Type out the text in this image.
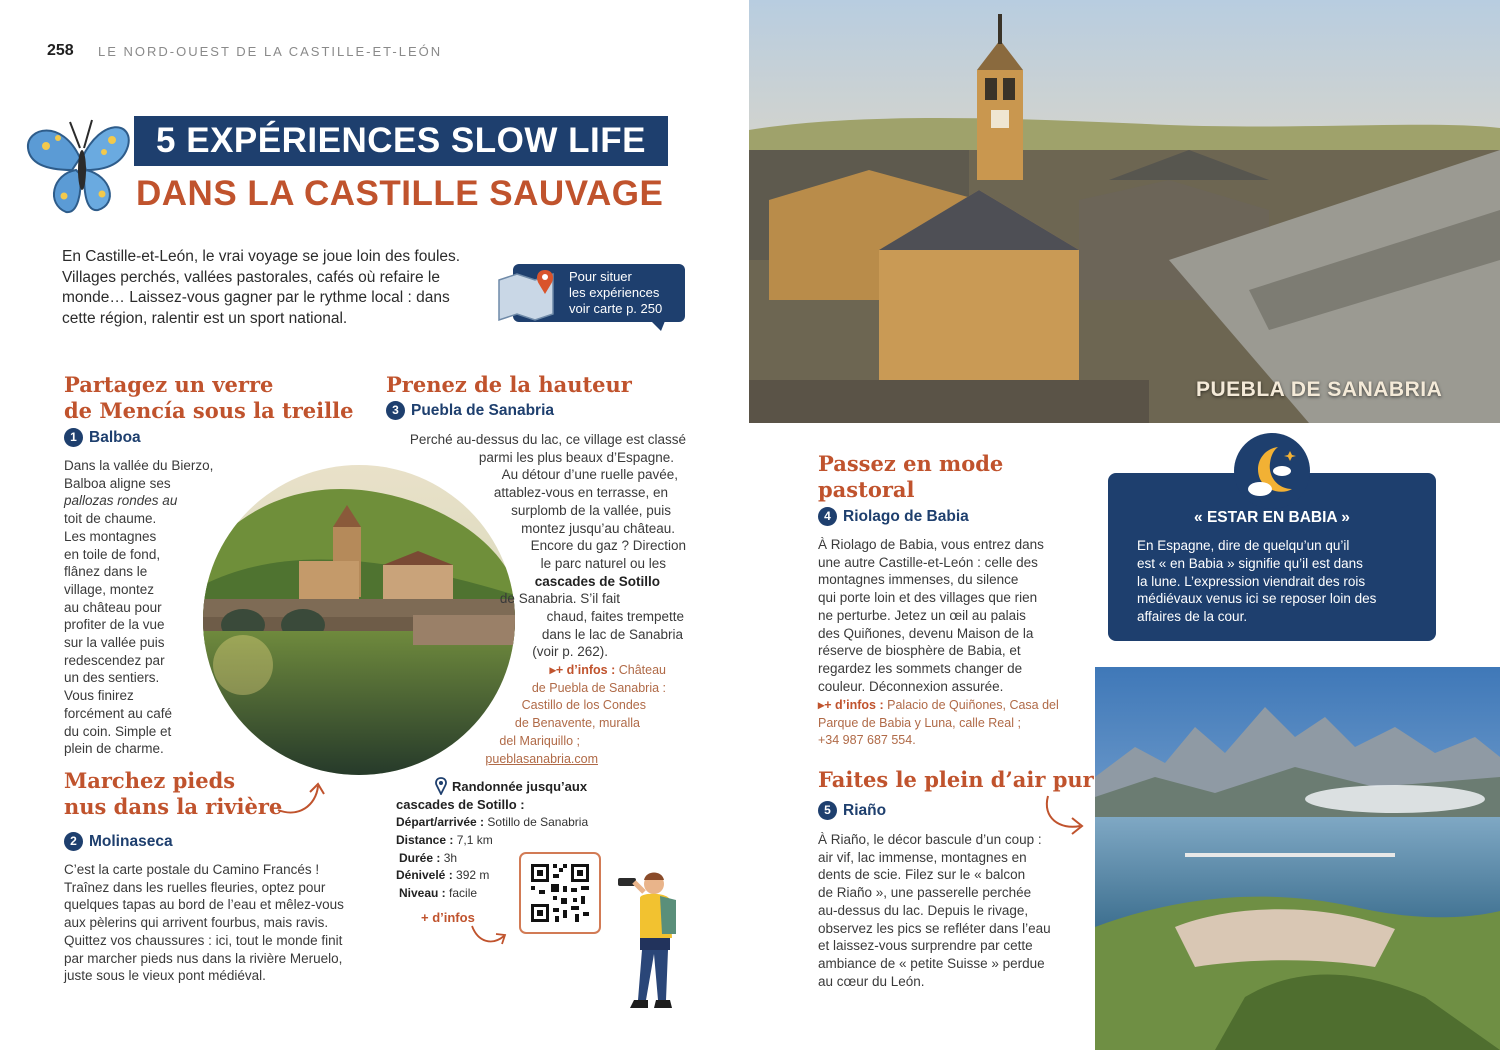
258 LE NORD-OUEST DE LA CASTILLE-ET-LEÓN
5 EXPÉRIENCES SLOW LIFE
DANS LA CASTILLE SAUVAGE
En Castille-et-León, le vrai voyage se joue loin des foules. Villages perchés, vallées pastorales, cafés où refaire le monde… Laissez-vous gagner par le rythme local : dans cette région, ralentir est un sport national.
Pour situer
les expériences
voir carte p. 250
Partagez un verre
de Mencía sous la treille
1 Balboa
Dans la vallée du Bierzo,
Balboa aligne ses
pallozas rondes au
toit de chaume.
Les montagnes
en toile de fond,
flânez dans le
village, montez
au château pour
profiter de la vue
sur la vallée puis
redescendez par
un des sentiers.
Vous finirez
forcément au café
du coin. Simple et
plein de charme.
Marchez pieds
nus dans la rivière
2 Molinaseca
C’est la carte postale du Camino Francés !
Traînez dans les ruelles fleuries, optez pour
quelques tapas au bord de l’eau et mêlez-vous
aux pèlerins qui arrivent fourbus, mais ravis.
Quittez vos chaussures : ici, tout le monde finit
par marcher pieds nus dans la rivière Meruelo,
juste sous le vieux pont médiéval.
Prenez de la hauteur
3 Puebla de Sanabria
Perché au-dessus du lac, ce village est classé
parmi les plus beaux d’Espagne.
Au détour d’une ruelle pavée,
attablez-vous en terrasse, en
surplomb de la vallée, puis
montez jusqu’au château.
Encore du gaz ? Direction
le parc naturel ou les
cascades de Sotillo
de Sanabria. S’il fait
chaud, faites trempette
dans le lac de Sanabria
(voir p. 262).
▸+ d’infos : Château
de Puebla de Sanabria :
Castillo de los Condes
de Benavente, muralla
del Mariquillo ;
pueblasanabria.com
Randonnée jusqu’aux
cascades de Sotillo :
Départ/arrivée : Sotillo de Sanabria
Distance : 7,1 km
Durée : 3h
Dénivelé : 392 m
Niveau : facile
+ d’infos
PUEBLA DE SANABRIA
Passez en mode
pastoral
4 Riolago de Babia
À Riolago de Babia, vous entrez dans
une autre Castille-et-León : celle des
montagnes immenses, du silence
qui porte loin et des villages que rien
ne perturbe. Jetez un œil au palais
des Quiñones, devenu Maison de la
réserve de biosphère de Babia, et
regardez les sommets changer de
couleur. Déconnexion assurée.
▸+ d’infos : Palacio de Quiñones, Casa del
Parque de Babia y Luna, calle Real ;
+34 987 687 554.
« ESTAR EN BABIA »
En Espagne, dire de quelqu’un qu’il
est « en Babia » signifie qu’il est dans
la lune. L’expression viendrait des rois
médiévaux venus ici se reposer loin des
affaires de la cour.
Faites le plein d’air pur
5 Riaño
À Riaño, le décor bascule d’un coup :
air vif, lac immense, montagnes en
dents de scie. Filez sur le « balcon
de Riaño », une passerelle perchée
au-dessus du lac. Depuis le rivage,
observez les pics se refléter dans l’eau
et laissez-vous surprendre par cette
ambiance de « petite Suisse » perdue
au cœur du León.
